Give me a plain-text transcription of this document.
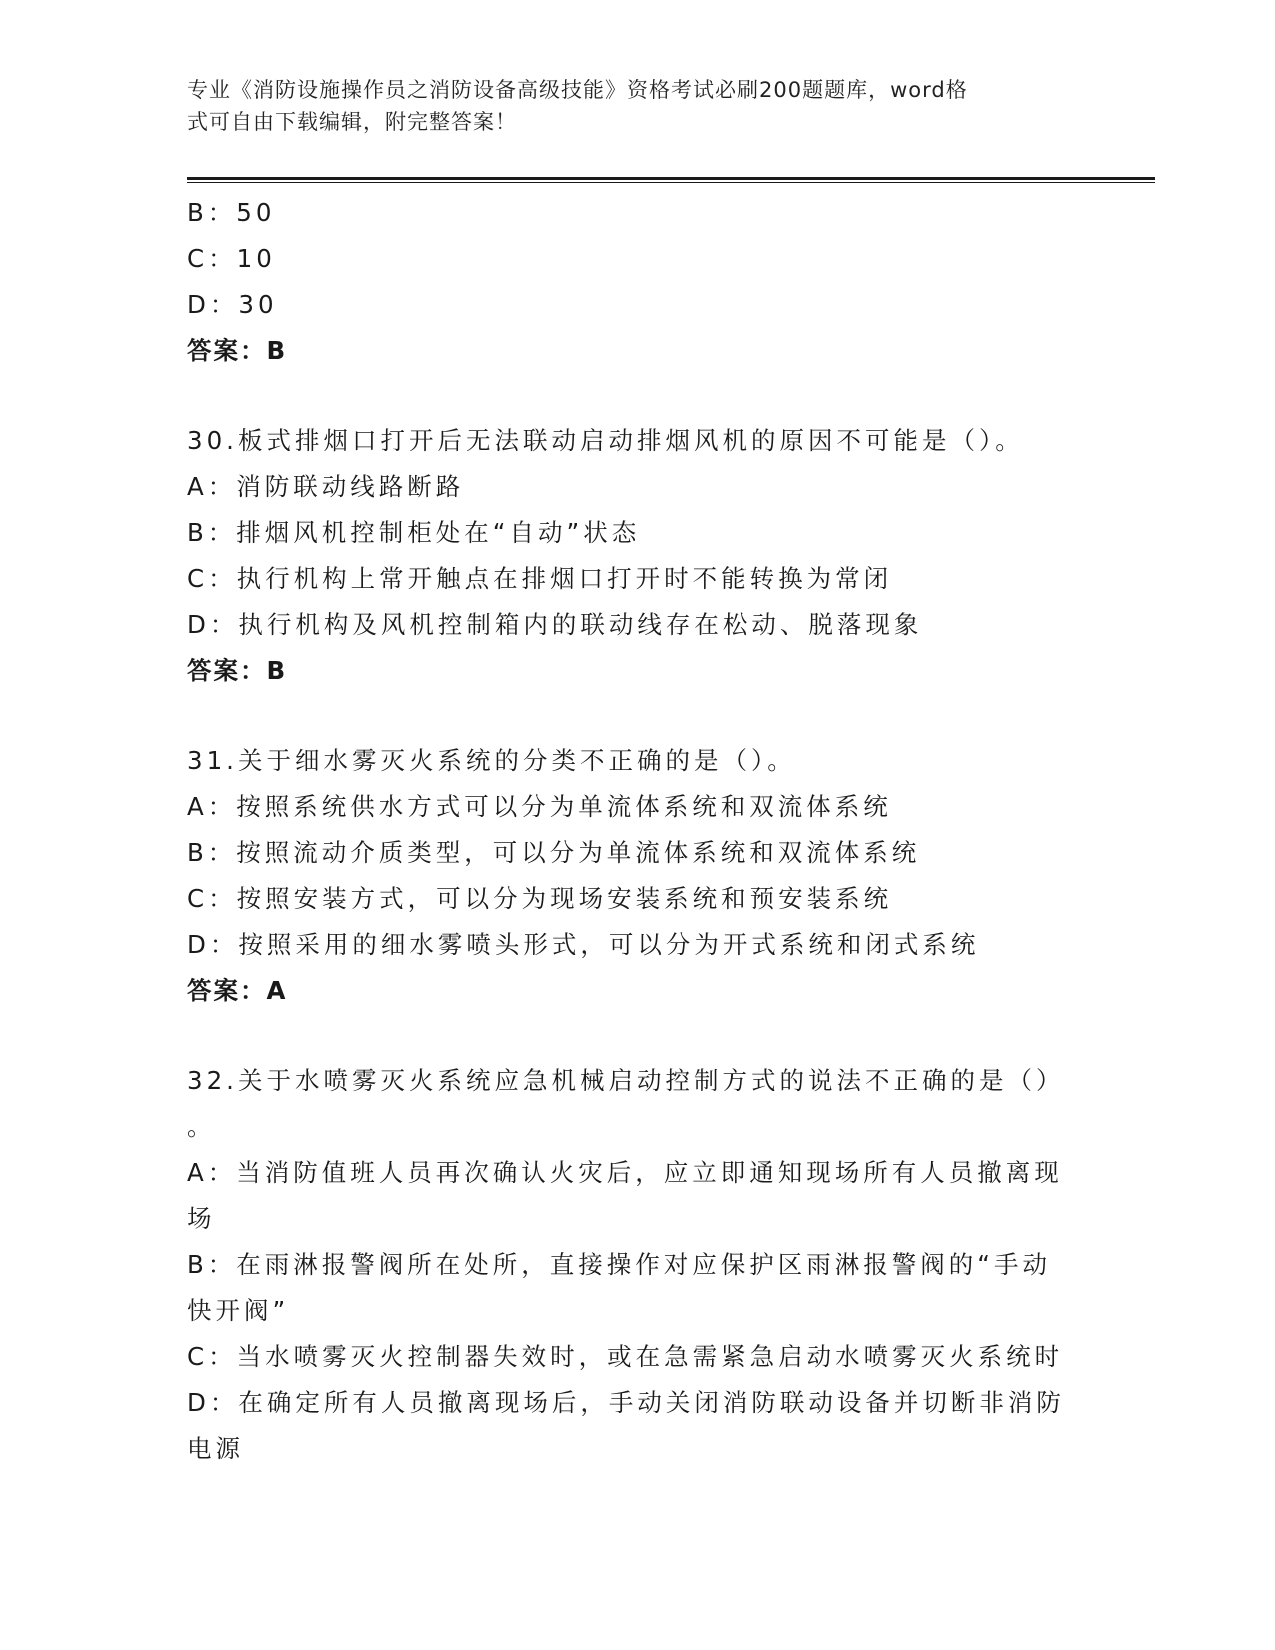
专业《消防设施操作员之消防设备高级技能》资格考试必刷200题题库，word格
式可自由下载编辑，附完整答案！

B：50

C：10

D：30

答案：B

30.板式排烟口打开后无法联动启动排烟风机的原因不可能是（）。

A：消防联动线路断路

B：排烟风机控制柜处在“自动”状态

C：执行机构上常开触点在排烟口打开时不能转换为常闭

D：执行机构及风机控制箱内的联动线存在松动、脱落现象

答案：B

31.关于细水雾灭火系统的分类不正确的是（）。

A：按照系统供水方式可以分为单流体系统和双流体系统

B：按照流动介质类型，可以分为单流体系统和双流体系统

C：按照安装方式，可以分为现场安装系统和预安装系统

D：按照采用的细水雾喷头形式，可以分为开式系统和闭式系统

答案：A

32.关于水喷雾灭火系统应急机械启动控制方式的说法不正确的是（）

。

A：当消防值班人员再次确认火灾后，应立即通知现场所有人员撤离现

场

B：在雨淋报警阀所在处所，直接操作对应保护区雨淋报警阀的“手动

快开阀”

C：当水喷雾灭火控制器失效时，或在急需紧急启动水喷雾灭火系统时

D：在确定所有人员撤离现场后，手动关闭消防联动设备并切断非消防

电源
